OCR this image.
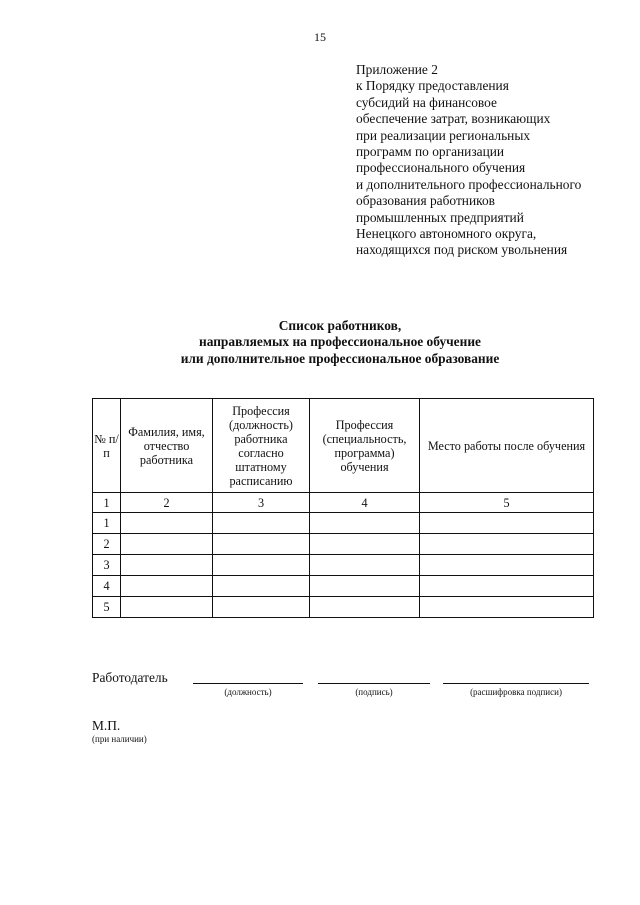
15
Приложение 2
к Порядку предоставления
субсидий на финансовое
обеспечение затрат, возникающих
при реализации региональных
программ по организации
профессионального обучения
и дополнительного профессионального
образования работников
промышленных предприятий
Ненецкого автономного округа,
находящихся под риском увольнения
Список работников,
направляемых на профессиональное обучение
или дополнительное профессиональное образование
№ п/п	Фамилия, имя, отчество работника	Профессия (должность) работника согласно штатному расписанию	Профессия (специальность, программа) обучения	Место работы после обучения
1	2	3	4	5
1				
2				
3				
4				
5				
Работодатель
(должность)	(подпись)	(расшифровка подписи)
М.П.
(при наличии)
